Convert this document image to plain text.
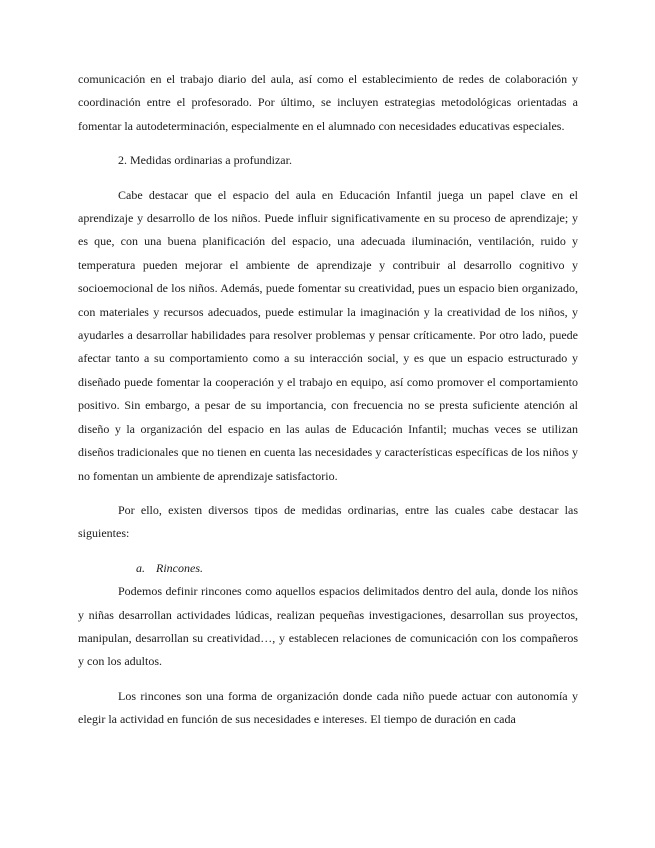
comunicación en el trabajo diario del aula, así como el establecimiento de redes de colaboración y coordinación entre el profesorado. Por último, se incluyen estrategias metodológicas orientadas a fomentar la autodeterminación, especialmente en el alumnado con necesidades educativas especiales.

2. Medidas ordinarias a profundizar.

Cabe destacar que el espacio del aula en Educación Infantil juega un papel clave en el aprendizaje y desarrollo de los niños. Puede influir significativamente en su proceso de aprendizaje; y es que, con una buena planificación del espacio, una adecuada iluminación, ventilación, ruido y temperatura pueden mejorar el ambiente de aprendizaje y contribuir al desarrollo cognitivo y socioemocional de los niños. Además, puede fomentar su creatividad, pues un espacio bien organizado, con materiales y recursos adecuados, puede estimular la imaginación y la creatividad de los niños, y ayudarles a desarrollar habilidades para resolver problemas y pensar críticamente. Por otro lado, puede afectar tanto a su comportamiento como a su interacción social, y es que un espacio estructurado y diseñado puede fomentar la cooperación y el trabajo en equipo, así como promover el comportamiento positivo. Sin embargo, a pesar de su importancia, con frecuencia no se presta suficiente atención al diseño y la organización del espacio en las aulas de Educación Infantil; muchas veces se utilizan diseños tradicionales que no tienen en cuenta las necesidades y características específicas de los niños y no fomentan un ambiente de aprendizaje satisfactorio.

Por ello, existen diversos tipos de medidas ordinarias, entre las cuales cabe destacar las siguientes:

a. Rincones.

Podemos definir rincones como aquellos espacios delimitados dentro del aula, donde los niños y niñas desarrollan actividades lúdicas, realizan pequeñas investigaciones, desarrollan sus proyectos, manipulan, desarrollan su creatividad…, y establecen relaciones de comunicación con los compañeros y con los adultos.

Los rincones son una forma de organización donde cada niño puede actuar con autonomía y elegir la actividad en función de sus necesidades e intereses. El tiempo de duración en cada
